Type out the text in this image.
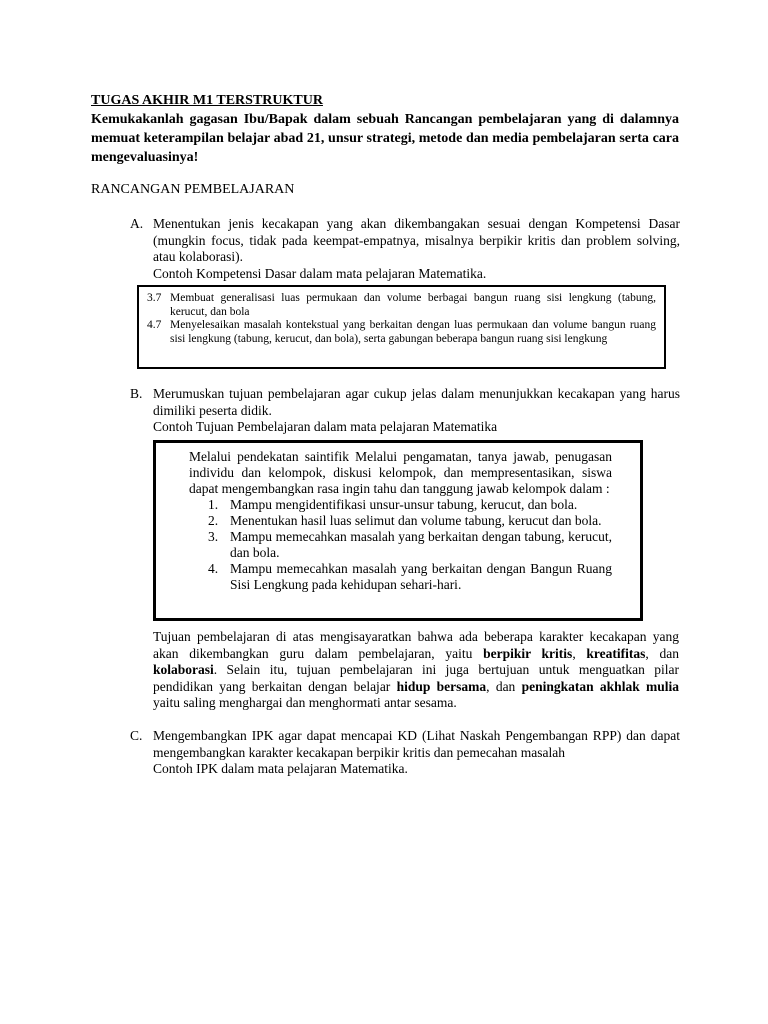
TUGAS AKHIR M1 TERSTRUKTUR
Kemukakanlah gagasan Ibu/Bapak dalam sebuah Rancangan pembelajaran yang di dalamnya memuat keterampilan belajar abad 21, unsur strategi, metode dan media pembelajaran serta cara mengevaluasinya!
RANCANGAN PEMBELAJARAN
A. Menentukan jenis kecakapan yang akan dikembangakan sesuai dengan Kompetensi Dasar (mungkin focus, tidak pada keempat-empatnya, misalnya berpikir kritis dan problem solving, atau kolaborasi).
Contoh Kompetensi Dasar dalam mata pelajaran Matematika.
3.7 Membuat generalisasi luas permukaan dan volume berbagai bangun ruang sisi lengkung (tabung, kerucut, dan bola
4.7 Menyelesaikan masalah kontekstual yang berkaitan dengan luas permukaan dan volume bangun ruang sisi lengkung (tabung, kerucut, dan bola), serta gabungan beberapa bangun ruang sisi lengkung
B. Merumuskan tujuan pembelajaran agar cukup jelas dalam menunjukkan kecakapan yang harus dimiliki peserta didik.
Contoh Tujuan Pembelajaran dalam mata pelajaran Matematika
Melalui pendekatan saintifik Melalui pengamatan, tanya jawab, penugasan individu dan kelompok, diskusi kelompok, dan mempresentasikan, siswa dapat mengembangkan rasa ingin tahu dan tanggung jawab kelompok dalam :
1. Mampu mengidentifikasi unsur-unsur tabung, kerucut, dan bola.
2. Menentukan hasil luas selimut dan volume tabung, kerucut dan bola.
3. Mampu memecahkan masalah yang berkaitan dengan tabung, kerucut, dan bola.
4. Mampu memecahkan masalah yang berkaitan dengan Bangun Ruang Sisi Lengkung pada kehidupan sehari-hari.
Tujuan pembelajaran di atas mengisayaratkan bahwa ada beberapa karakter kecakapan yang akan dikembangkan guru dalam pembelajaran, yaitu berpikir kritis, kreatifitas, dan kolaborasi. Selain itu, tujuan pembelajaran ini juga bertujuan untuk menguatkan pilar pendidikan yang berkaitan dengan belajar hidup bersama, dan peningkatan akhlak mulia yaitu saling menghargai dan menghormati antar sesama.
C. Mengembangkan IPK agar dapat mencapai KD (Lihat Naskah Pengembangan RPP) dan dapat mengembangkan karakter kecakapan berpikir kritis dan pemecahan masalah
Contoh IPK dalam mata pelajaran Matematika.
